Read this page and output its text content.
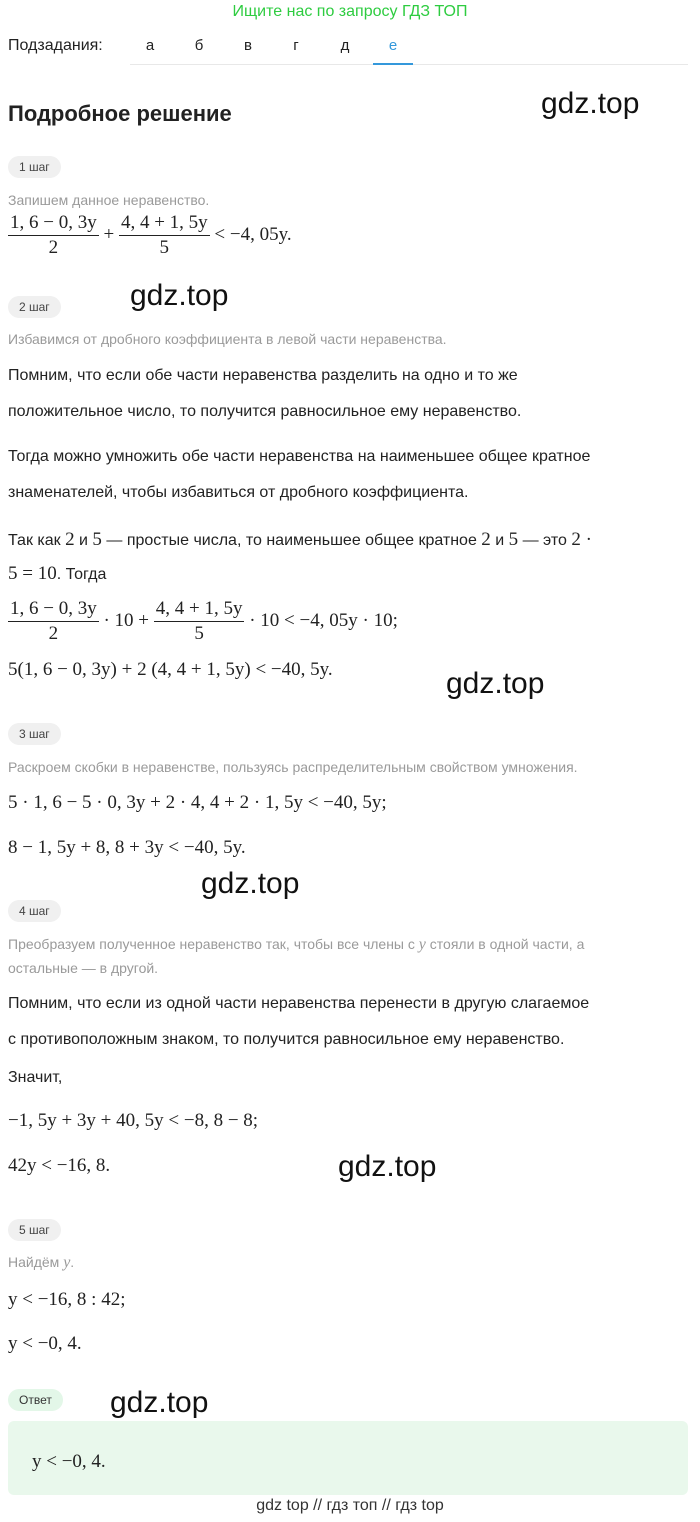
Ищите нас по запросу ГДЗ ТОП
Подзадания:	а	б	в	г	д	е
Подробное решение	gdz.top
1 шаг
Запишем данное неравенство.
$\frac{1, 6 - 0, 3y}{2} + \frac{4, 4 + 1, 5y}{5} < -4$, 05y.
2 шаг	gdz.top
Избавимся от дробного коэффициента в левой части неравенства.
Помним, что если обе части неравенства разделить на одно и то же
положительное число, то получится равносильное ему неравенство.
Тогда можно умножить обе части неравенства на наименьшее общее кратное
знаменателей, чтобы избавиться от дробного коэффициента.
Так как 2 и 5 — простые числа, то наименьшее общее кратное 2 и 5 — это 2 ·
5 = 10. Тогда
$\frac{1, 6 - 0, 3y}{2} \cdot 10 + \frac{4, 4 + 1, 5y}{5} \cdot 10 < -4$, 05y · 10;
5(1, 6 − 0, 3y) + 2 (4, 4 + 1, 5y) < −40, 5y.	gdz.top
3 шаг
Раскроем скобки в неравенстве, пользуясь распределительным свойством умножения.
5 · 1, 6 − 5 · 0, 3y + 2 · 4, 4 + 2 · 1, 5y < −40, 5y;
8 − 1, 5y + 8, 8 + 3y < −40, 5y.
gdz.top
4 шаг
Преобразуем полученное неравенство так, чтобы все члены с y стояли в одной части, а
остальные — в другой.
Помним, что если из одной части неравенства перенести в другую слагаемое
с противоположным знаком, то получится равносильное ему неравенство.
Значит,
−1, 5y + 3y + 40, 5y < −8, 8 − 8;
42y < −16, 8.	gdz.top
5 шаг
Найдём y.
y < −16, 8 : 42;
y < −0, 4.
Ответ	gdz.top
y < −0, 4.
gdz top // гдз топ // гдз top
